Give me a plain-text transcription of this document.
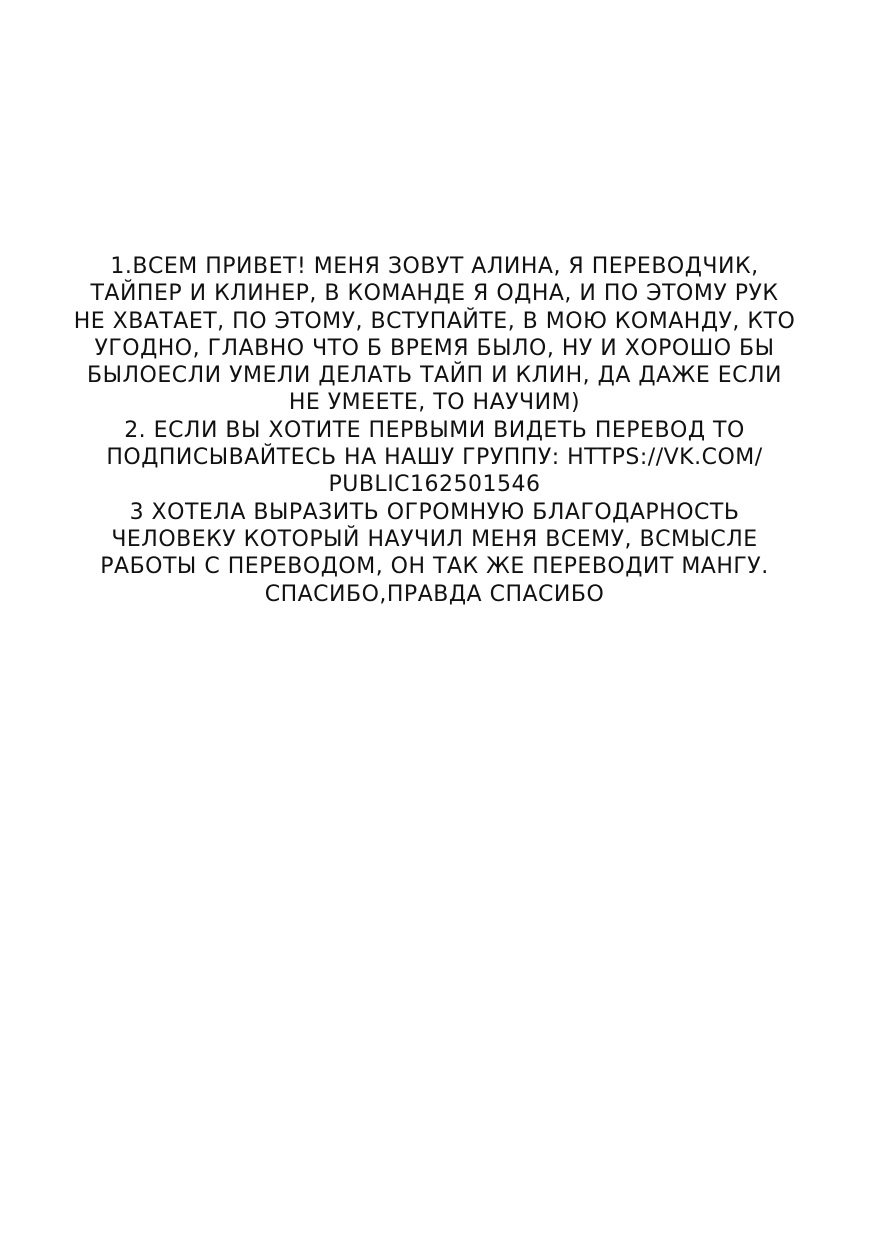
1.ВСЕМ ПРИВЕТ! МЕНЯ ЗОВУТ АЛИНА, Я ПЕРЕВОДЧИК,
ТАЙПЕР И КЛИНЕР, В КОМАНДЕ Я ОДНА, И ПО ЭТОМУ РУК
НЕ ХВАТАЕТ, ПО ЭТОМУ, ВСТУПАЙТЕ, В МОЮ КОМАНДУ, КТО
УГОДНО, ГЛАВНО ЧТО Б ВРЕМЯ БЫЛО, НУ И ХОРОШО БЫ
БЫЛОЕСЛИ УМЕЛИ ДЕЛАТЬ ТАЙП И КЛИН, ДА ДАЖЕ ЕСЛИ
НЕ УМЕЕТЕ, ТО НАУЧИМ)
2. ЕСЛИ ВЫ ХОТИТЕ ПЕРВЫМИ ВИДЕТЬ ПЕРЕВОД ТО
ПОДПИСЫВАЙТЕСЬ НА НАШУ ГРУППУ: HTTPS://VK.COM/
PUBLIC162501546
3 ХОТЕЛА ВЫРАЗИТЬ ОГРОМНУЮ БЛАГОДАРНОСТЬ
ЧЕЛОВЕКУ КОТОРЫЙ НАУЧИЛ МЕНЯ ВСЕМУ, ВСМЫСЛЕ
РАБОТЫ С ПЕРЕВОДОМ, ОН ТАК ЖЕ ПЕРЕВОДИТ МАНГУ.
СПАСИБО,ПРАВДА СПАСИБО
